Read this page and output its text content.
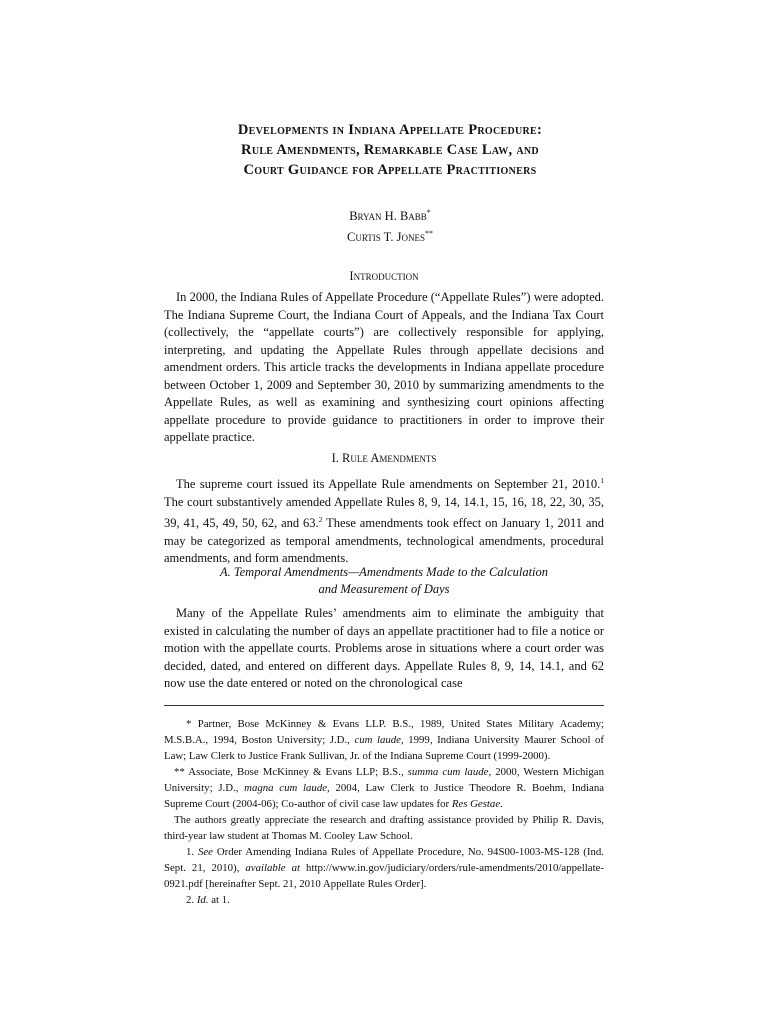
Developments in Indiana Appellate Procedure:
Rule Amendments, Remarkable Case Law, and
Court Guidance for Appellate Practitioners
Bryan H. Babb*
Curtis T. Jones**
Introduction

In 2000, the Indiana Rules of Appellate Procedure (“Appellate Rules”) were adopted. The Indiana Supreme Court, the Indiana Court of Appeals, and the Indiana Tax Court (collectively, the “appellate courts”) are collectively responsible for applying, interpreting, and updating the Appellate Rules through appellate decisions and amendment orders. This article tracks the developments in Indiana appellate procedure between October 1, 2009 and September 30, 2010 by summarizing amendments to the Appellate Rules, as well as examining and synthesizing court opinions affecting appellate procedure to provide guidance to practitioners in order to improve their appellate practice.

I. Rule Amendments

The supreme court issued its Appellate Rule amendments on September 21, 2010.$^1$ The court substantively amended Appellate Rules 8, 9, 14, 14.1, 15, 16, 18, 22, 30, 35, 39, 41, 45, 49, 50, 62, and 63.$^2$ These amendments took effect on January 1, 2011 and may be categorized as temporal amendments, technological amendments, procedural amendments, and form amendments.

A. Temporal Amendments—Amendments Made to the Calculation
and Measurement of Days

Many of the Appellate Rules’ amendments aim to eliminate the ambiguity that existed in calculating the number of days an appellate practitioner had to file a notice or motion with the appellate courts. Problems arose in situations where a court order was decided, dated, and entered on different days. Appellate Rules 8, 9, 14, 14.1, and 62 now use the date entered or noted on the chronological case

* Partner, Bose McKinney & Evans LLP. B.S., 1989, United States Military Academy; M.S.B.A., 1994, Boston University; J.D., cum laude, 1999, Indiana University Maurer School of Law; Law Clerk to Justice Frank Sullivan, Jr. of the Indiana Supreme Court (1999-2000).

** Associate, Bose McKinney & Evans LLP; B.S., summa cum laude, 2000, Western Michigan University; J.D., magna cum laude, 2004, Law Clerk to Justice Theodore R. Boehm, Indiana Supreme Court (2004-06); Co-author of civil case law updates for Res Gestae.

The authors greatly appreciate the research and drafting assistance provided by Philip R. Davis, third-year law student at Thomas M. Cooley Law School.

1. See Order Amending Indiana Rules of Appellate Procedure, No. 94S00-1003-MS-128 (Ind. Sept. 21, 2010), available at http://www.in.gov/judiciary/orders/rule-amendments/2010/appellate-0921.pdf [hereinafter Sept. 21, 2010 Appellate Rules Order].

2. Id. at 1.
